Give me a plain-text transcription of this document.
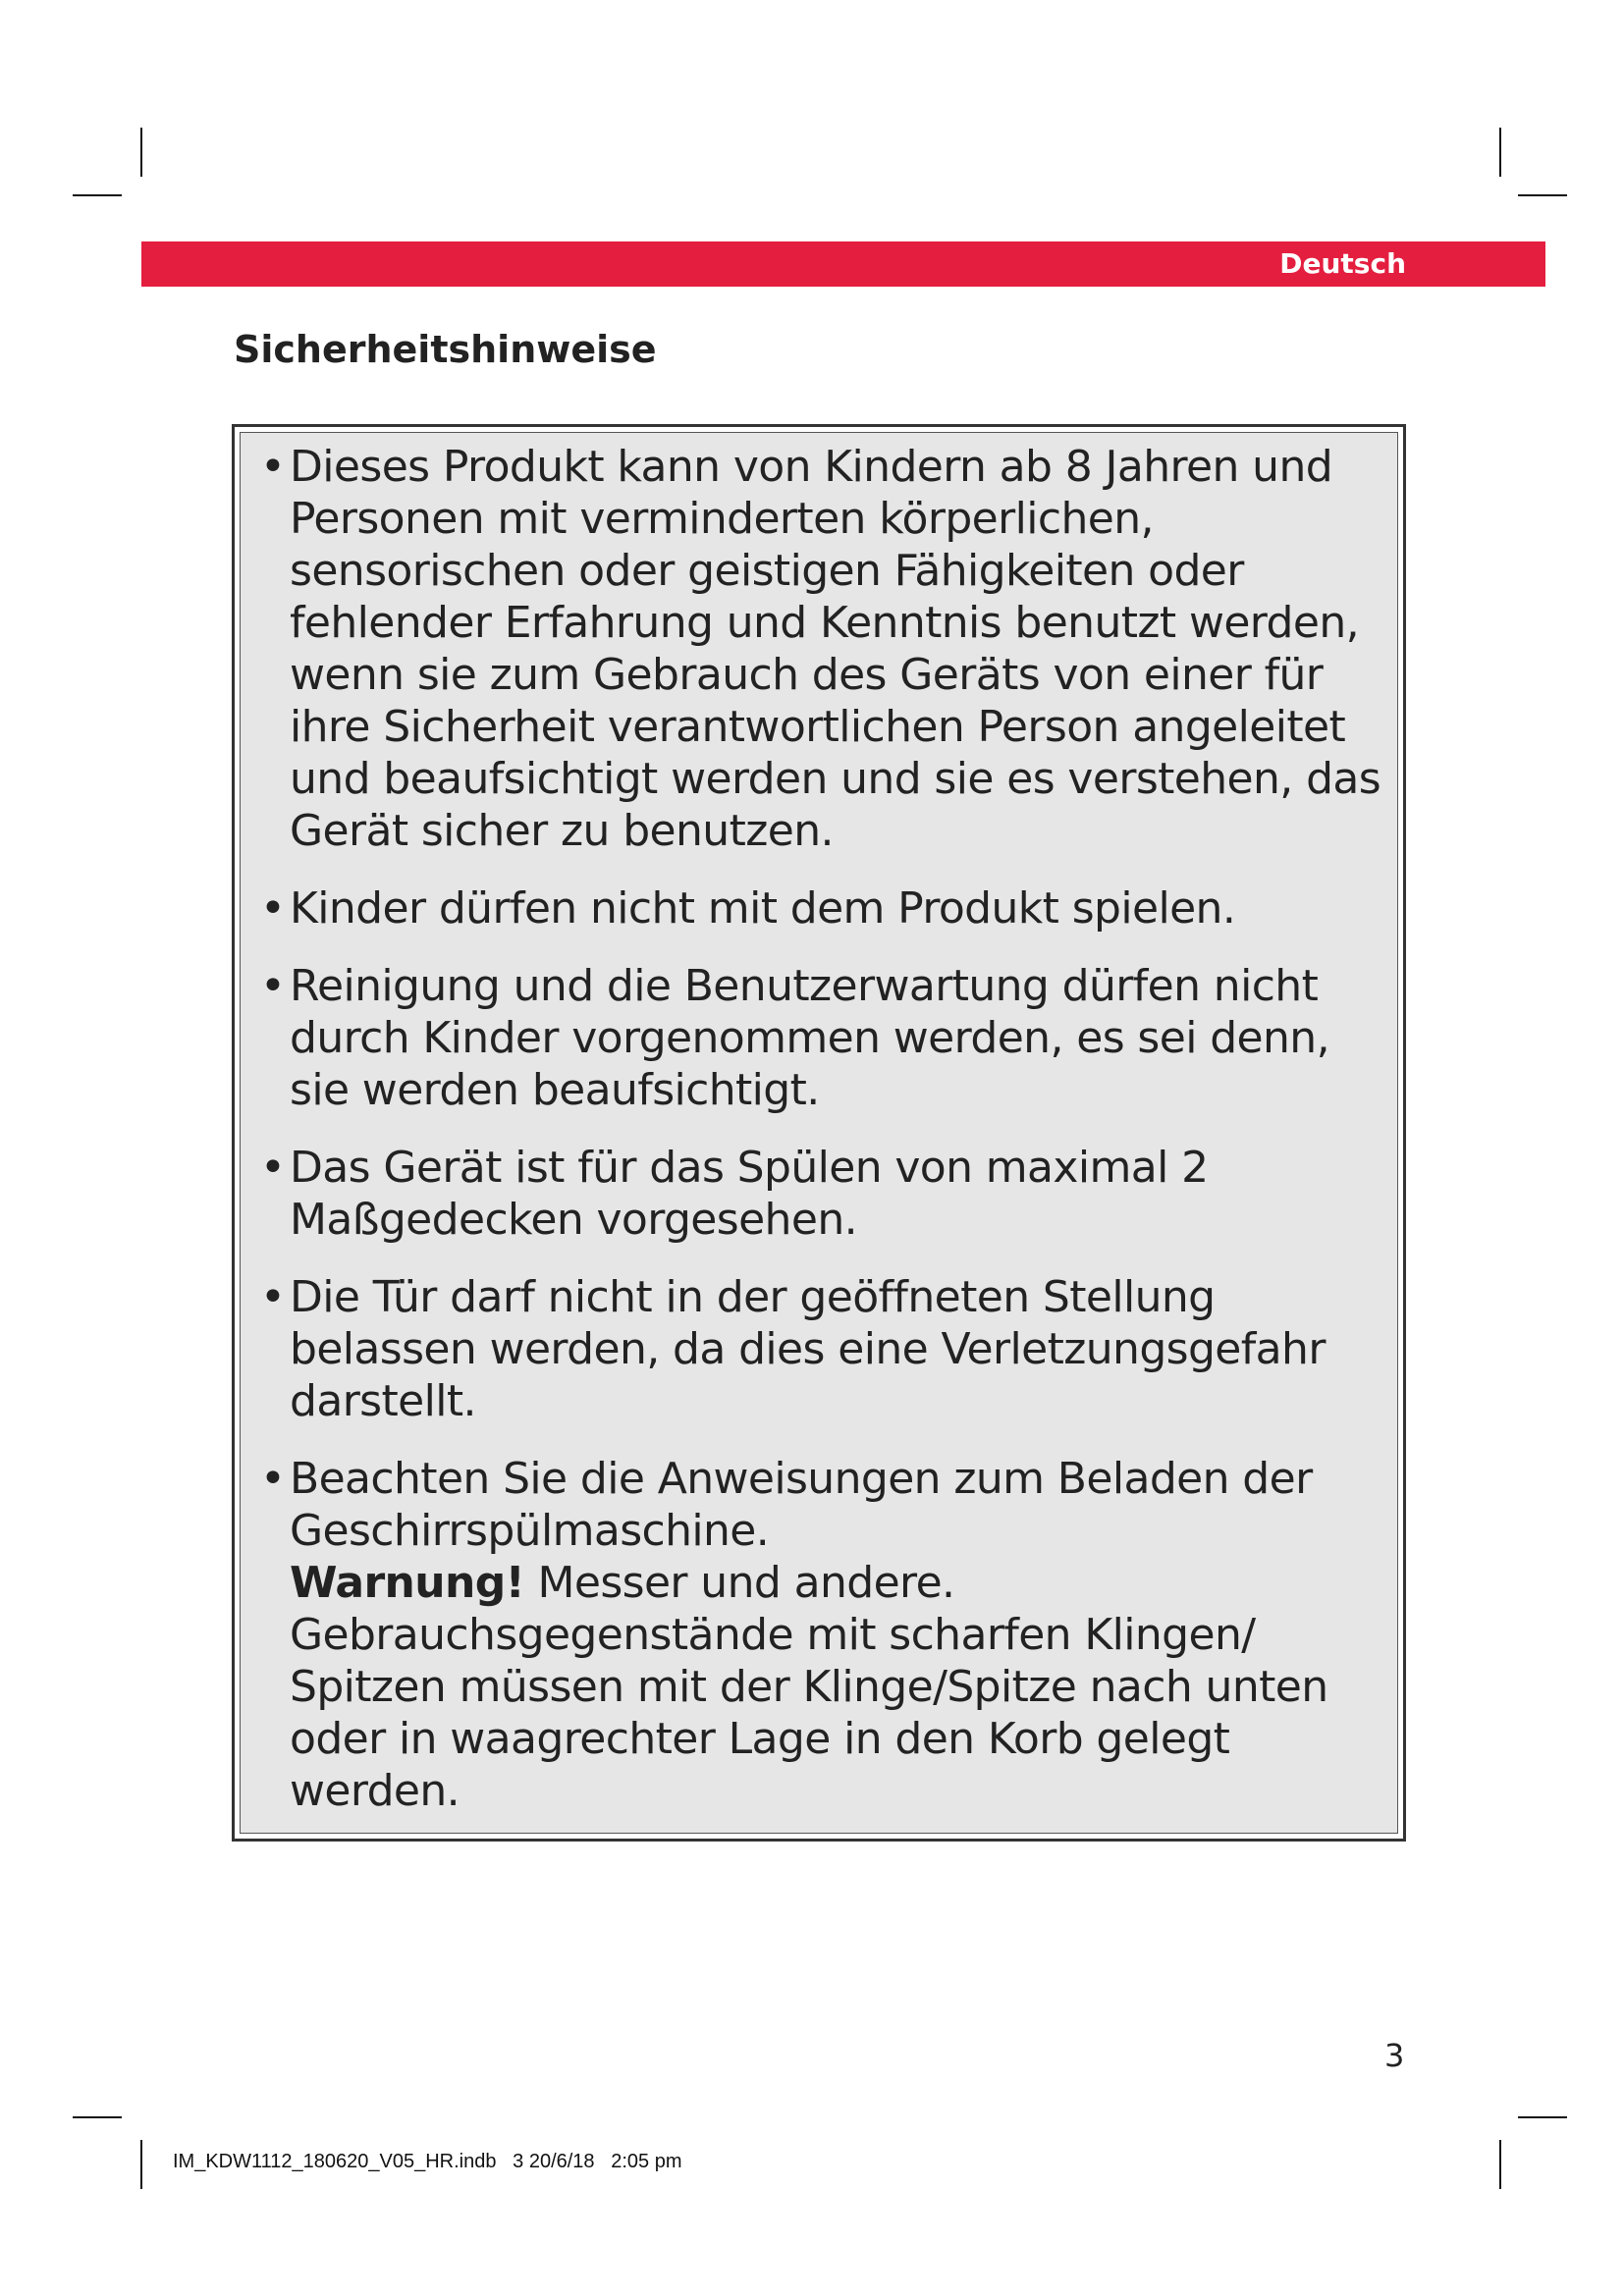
Deutsch
Sicherheitshinweise
• Dieses Produkt kann von Kindern ab 8 Jahren und Personen mit verminderten körperlichen, sensorischen oder geistigen Fähigkeiten oder fehlender Erfahrung und Kenntnis benutzt werden, wenn sie zum Gebrauch des Geräts von einer für ihre Sicherheit verantwortlichen Person angeleitet und beaufsichtigt werden und sie es verstehen, das Gerät sicher zu benutzen.
• Kinder dürfen nicht mit dem Produkt spielen.
• Reinigung und die Benutzerwartung dürfen nicht durch Kinder vorgenommen werden, es sei denn, sie werden beaufsichtigt.
• Das Gerät ist für das Spülen von maximal 2 Maßgedecken vorgesehen.
• Die Tür darf nicht in der geöffneten Stellung belassen werden, da dies eine Verletzungsgefahr darstellt.
• Beachten Sie die Anweisungen zum Beladen der Geschirrspülmaschine.
Warnung! Messer und andere. Gebrauchsgegenstände mit scharfen Klingen/ Spitzen müssen mit der Klinge/Spitze nach unten oder in waagrechter Lage in den Korb gelegt werden.
3
IM_KDW1112_180620_V05_HR.indb   3 20/6/18   2:05 pm
